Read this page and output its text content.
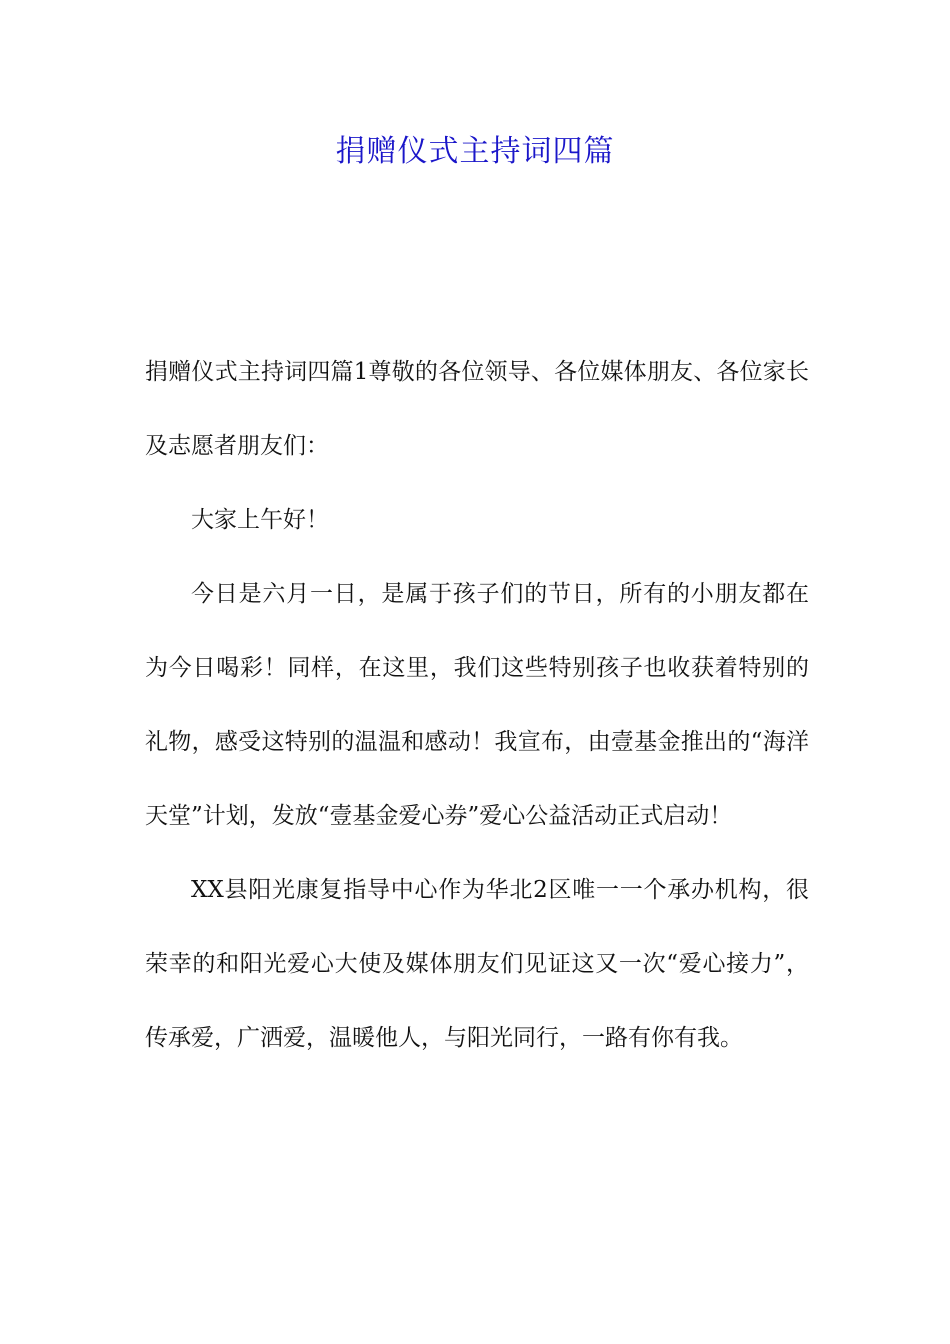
捐赠仪式主持词四篇

捐赠仪式主持词四篇1尊敬的各位领导、各位媒体朋友、各位家长及志愿者朋友们：

大家上午好！

今日是六月一日，是属于孩子们的节日，所有的小朋友都在为今日喝彩！同样，在这里，我们这些特别孩子也收获着特别的礼物，感受这特别的温温和感动！我宣布，由壹基金推出的“海洋天堂”计划，发放“壹基金爱心券”爱心公益活动正式启动！

XX县阳光康复指导中心作为华北2区唯一一个承办机构，很荣幸的和阳光爱心大使及媒体朋友们见证这又一次“爱心接力”，传承爱，广洒爱，温暖他人，与阳光同行，一路有你有我。
